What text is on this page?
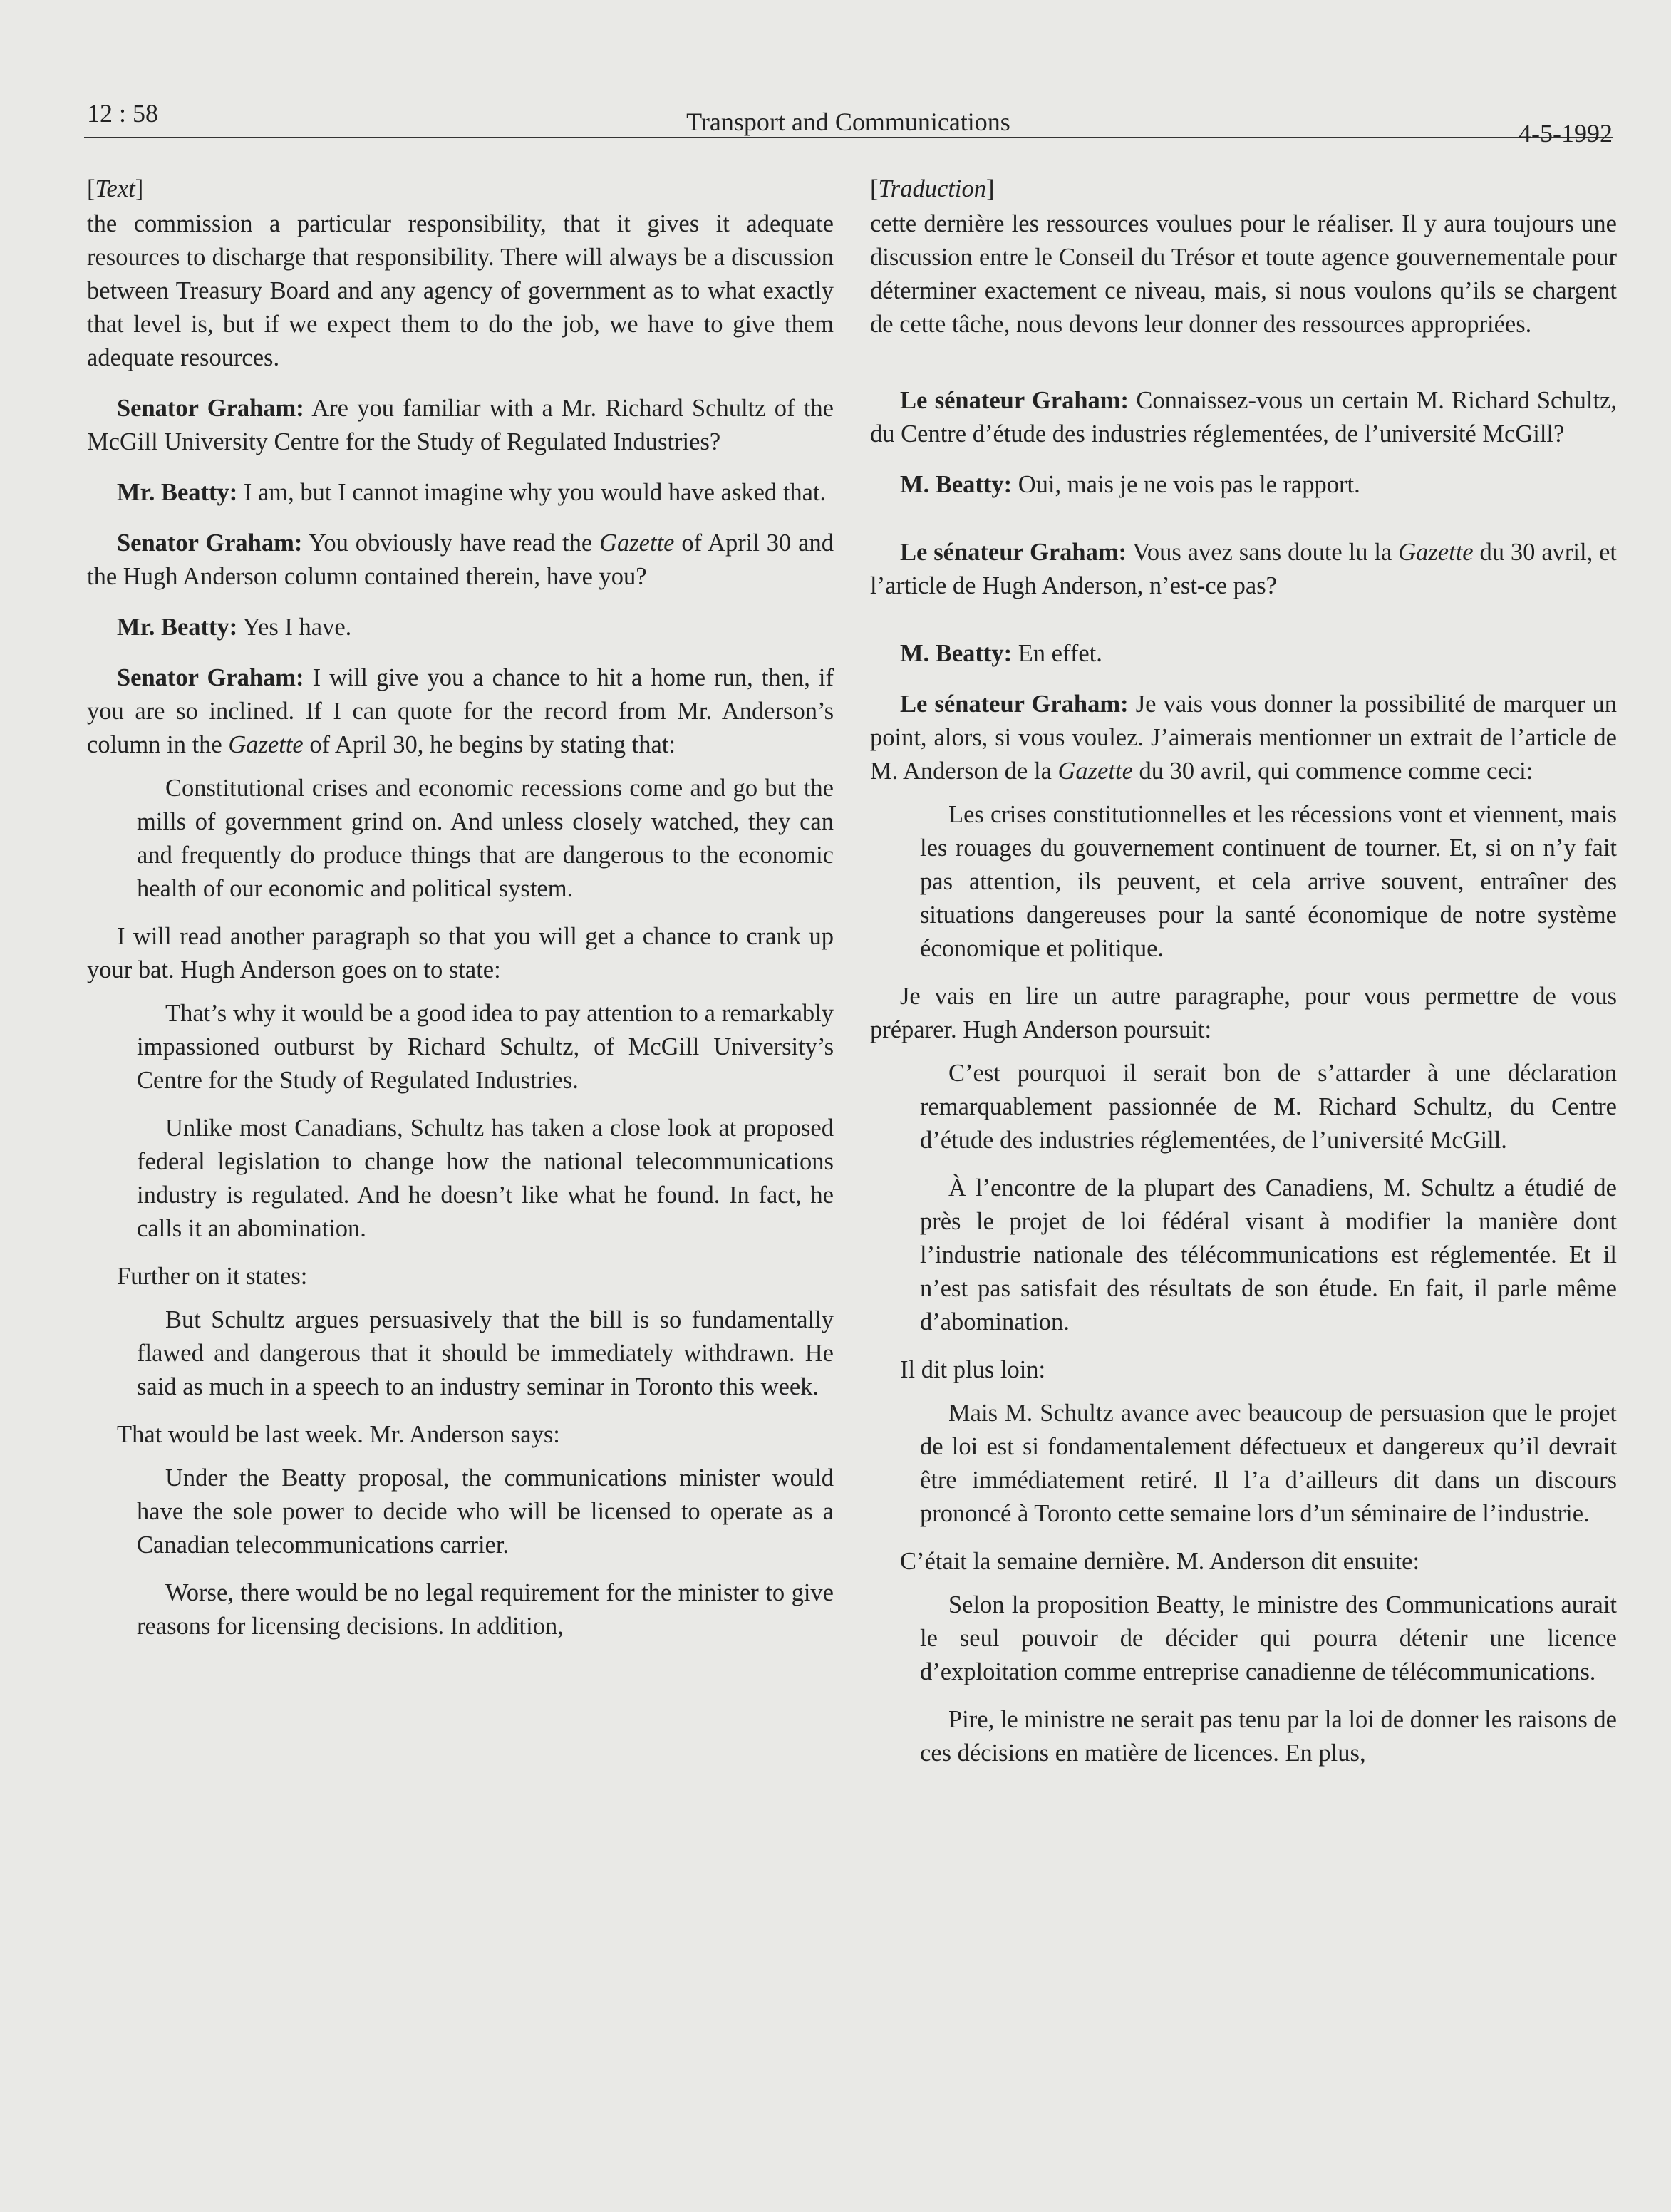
12 : 58	Transport and Communications	4-5-1992
[Text]

the commission a particular responsibility, that it gives it adequate resources to discharge that responsibility. There will always be a discussion between Treasury Board and any agency of government as to what exactly that level is, but if we expect them to do the job, we have to give them adequate resources.

Senator Graham: Are you familiar with a Mr. Richard Schultz of the McGill University Centre for the Study of Regulated Industries?

Mr. Beatty: I am, but I cannot imagine why you would have asked that.

Senator Graham: You obviously have read the Gazette of April 30 and the Hugh Anderson column contained therein, have you?

Mr. Beatty: Yes I have.

Senator Graham: I will give you a chance to hit a home run, then, if you are so inclined. If I can quote for the record from Mr. Anderson’s column in the Gazette of April 30, he begins by stating that:

Constitutional crises and economic recessions come and go but the mills of government grind on. And unless closely watched, they can and frequently do produce things that are dangerous to the economic health of our economic and political system.

I will read another paragraph so that you will get a chance to crank up your bat. Hugh Anderson goes on to state:

That’s why it would be a good idea to pay attention to a remarkably impassioned outburst by Richard Schultz, of McGill University’s Centre for the Study of Regulated Industries.

Unlike most Canadians, Schultz has taken a close look at proposed federal legislation to change how the national telecommunications industry is regulated. And he doesn’t like what he found. In fact, he calls it an abomination.

Further on it states:

But Schultz argues persuasively that the bill is so fundamentally flawed and dangerous that it should be immediately withdrawn. He said as much in a speech to an industry seminar in Toronto this week.

That would be last week. Mr. Anderson says:

Under the Beatty proposal, the communications minister would have the sole power to decide who will be licensed to operate as a Canadian telecommunications carrier.

Worse, there would be no legal requirement for the minister to give reasons for licensing decisions. In addition,

[Traduction]

cette dernière les ressources voulues pour le réaliser. Il y aura toujours une discussion entre le Conseil du Trésor et toute agence gouvernementale pour déterminer exactement ce niveau, mais, si nous voulons qu’ils se chargent de cette tâche, nous devons leur donner des ressources appropriées.

Le sénateur Graham: Connaissez-vous un certain M. Richard Schultz, du Centre d’étude des industries réglementées, de l’université McGill?

M. Beatty: Oui, mais je ne vois pas le rapport.

Le sénateur Graham: Vous avez sans doute lu la Gazette du 30 avril, et l’article de Hugh Anderson, n’est-ce pas?

M. Beatty: En effet.

Le sénateur Graham: Je vais vous donner la possibilité de marquer un point, alors, si vous voulez. J’aimerais mentionner un extrait de l’article de M. Anderson de la Gazette du 30 avril, qui commence comme ceci:

Les crises constitutionnelles et les récessions vont et viennent, mais les rouages du gouvernement continuent de tourner. Et, si on n’y fait pas attention, ils peuvent, et cela arrive souvent, entraîner des situations dangereuses pour la santé économique de notre système économique et politique.

Je vais en lire un autre paragraphe, pour vous permettre de vous préparer. Hugh Anderson poursuit:

C’est pourquoi il serait bon de s’attarder à une déclaration remarquablement passionnée de M. Richard Schultz, du Centre d’étude des industries réglementées, de l’université McGill.

À l’encontre de la plupart des Canadiens, M. Schultz a étudié de près le projet de loi fédéral visant à modifier la manière dont l’industrie nationale des télécommunications est réglementée. Et il n’est pas satisfait des résultats de son étude. En fait, il parle même d’abomination.

Il dit plus loin:

Mais M. Schultz avance avec beaucoup de persuasion que le projet de loi est si fondamentalement défectueux et dangereux qu’il devrait être immédiatement retiré. Il l’a d’ailleurs dit dans un discours prononcé à Toronto cette semaine lors d’un séminaire de l’industrie.

C’était la semaine dernière. M. Anderson dit ensuite:

Selon la proposition Beatty, le ministre des Communications aurait le seul pouvoir de décider qui pourra détenir une licence d’exploitation comme entreprise canadienne de télécommunications.

Pire, le ministre ne serait pas tenu par la loi de donner les raisons de ces décisions en matière de licences. En plus,
